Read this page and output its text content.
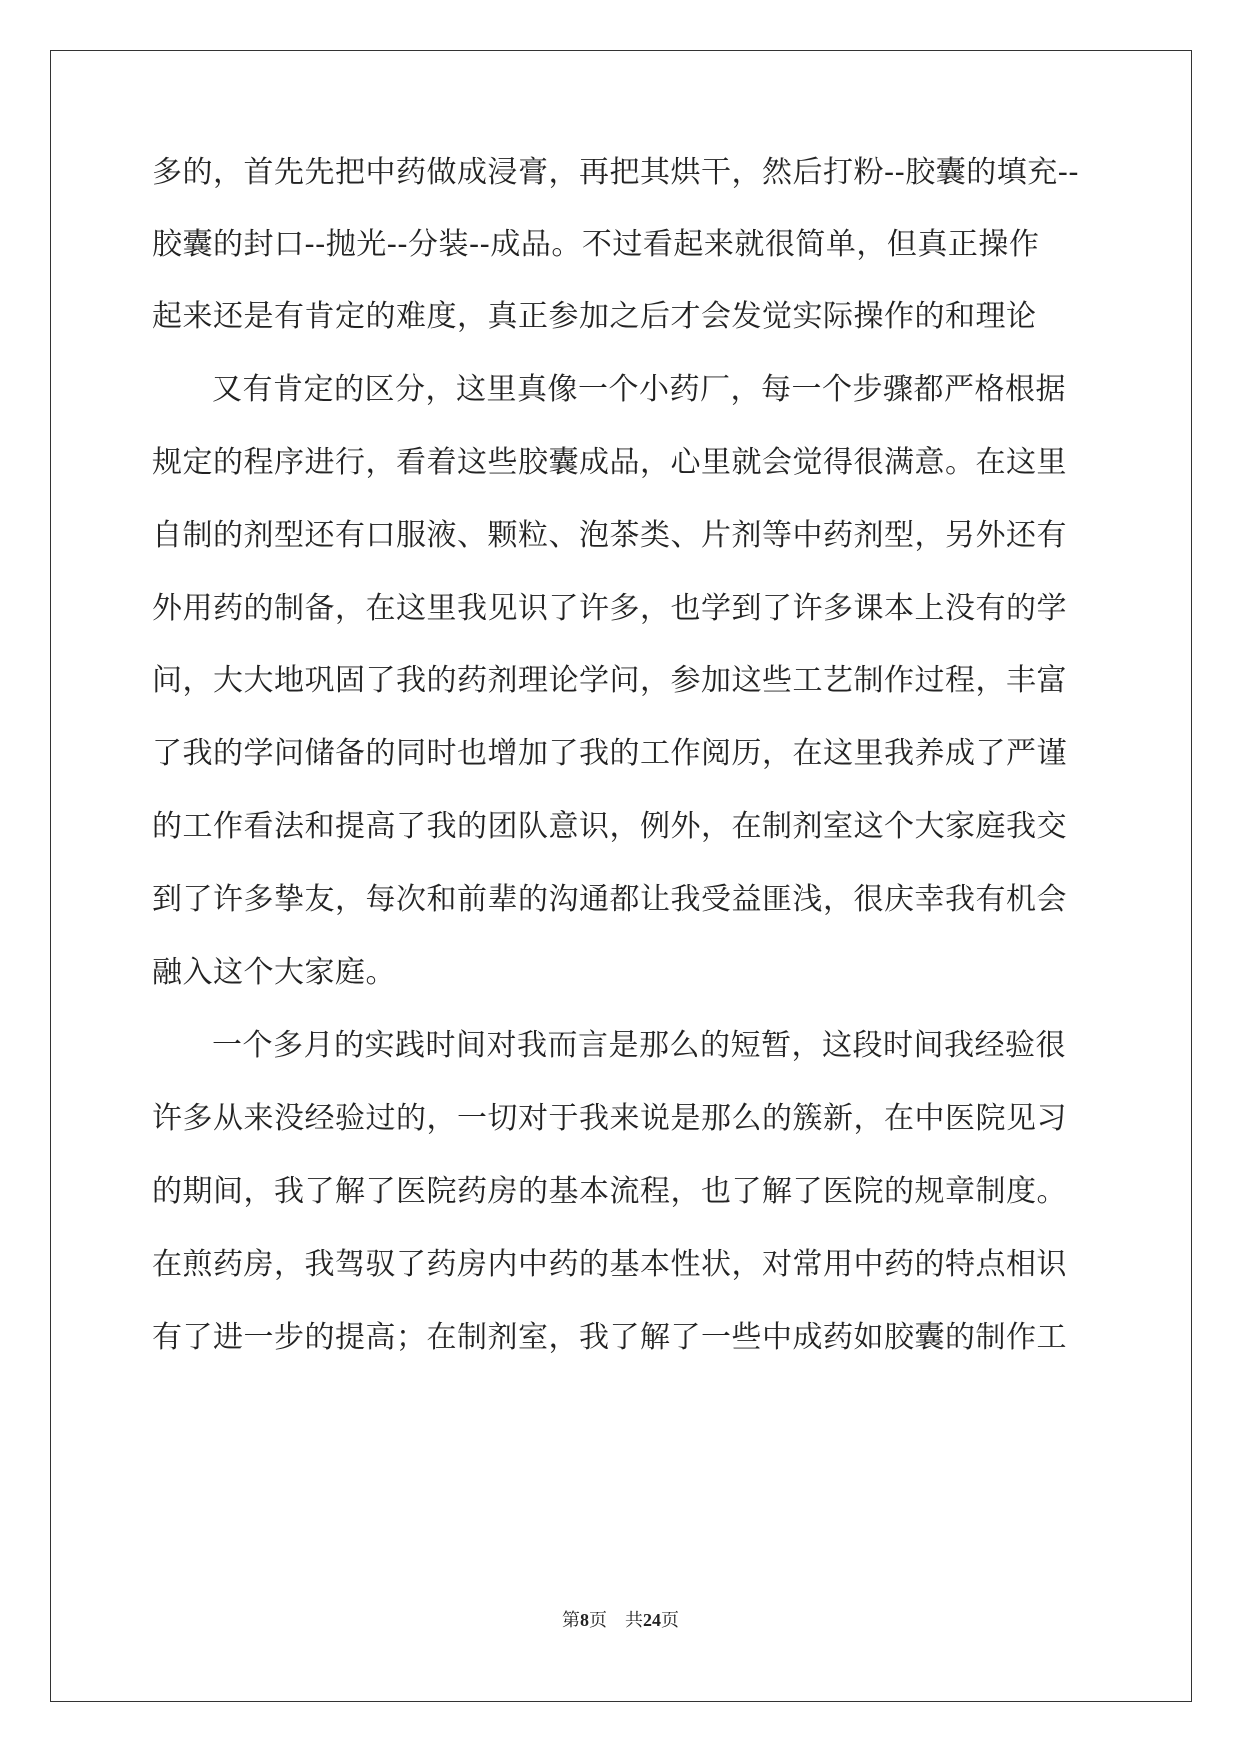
多的，首先先把中药做成浸膏，再把其烘干，然后打粉--胶囊的填充--

胶囊的封口--抛光--分装--成品。不过看起来就很简单，但真正操作

起来还是有肯定的难度，真正参加之后才会发觉实际操作的和理论

又有肯定的区分，这里真像一个小药厂，每一个步骤都严格根据

规定的程序进行，看着这些胶囊成品，心里就会觉得很满意。在这里

自制的剂型还有口服液、颗粒、泡茶类、片剂等中药剂型，另外还有

外用药的制备，在这里我见识了许多，也学到了许多课本上没有的学

问，大大地巩固了我的药剂理论学问，参加这些工艺制作过程，丰富

了我的学问储备的同时也增加了我的工作阅历，在这里我养成了严谨

的工作看法和提高了我的团队意识，例外，在制剂室这个大家庭我交

到了许多挚友，每次和前辈的沟通都让我受益匪浅，很庆幸我有机会

融入这个大家庭。

一个多月的实践时间对我而言是那么的短暂，这段时间我经验很

许多从来没经验过的，一切对于我来说是那么的簇新，在中医院见习

的期间，我了解了医院药房的基本流程，也了解了医院的规章制度。

在煎药房，我驾驭了药房内中药的基本性状，对常用中药的特点相识

有了进一步的提高；在制剂室，我了解了一些中成药如胶囊的制作工

第8页 共24页
